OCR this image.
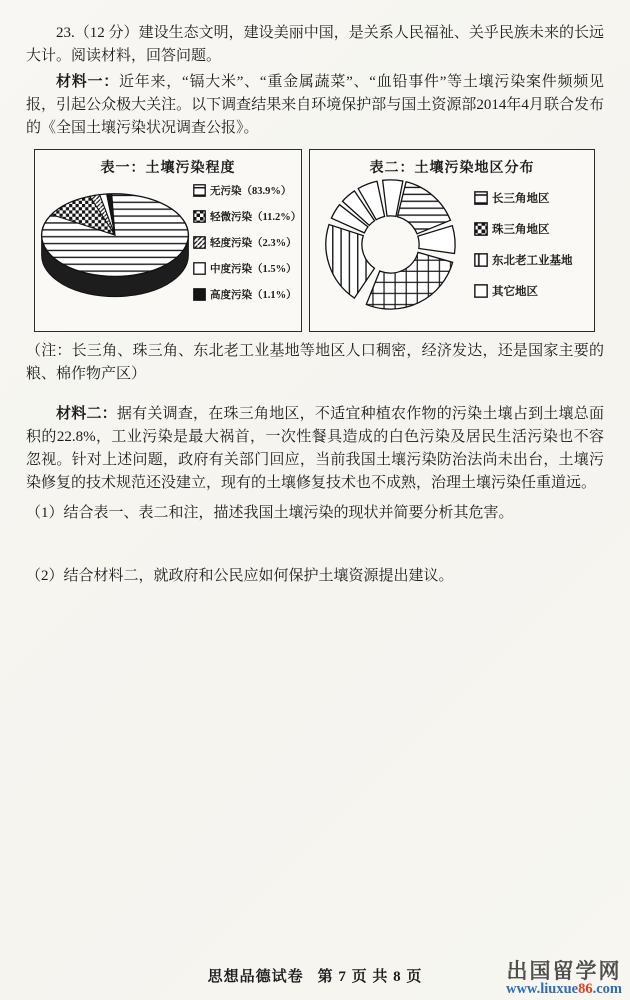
23.（12 分）建设生态文明，建设美丽中国，是关系人民福祉、关乎民族未来的长远大计。阅读材料，回答问题。

材料一：近年来，“镉大米”、“重金属蔬菜”、“血铅事件”等土壤污染案件频频见报，引起公众极大关注。以下调查结果来自环境保护部与国土资源部2014年4月联合发布的《全国土壤污染状况调查公报》。

表一：土壤污染程度
无污染（83.9%）
轻微污染（11.2%）
轻度污染（2.3%）
中度污染（1.5%）
高度污染（1.1%）
表二：土壤污染地区分布
长三角地区
珠三角地区
东北老工业基地
其它地区

（注：长三角、珠三角、东北老工业基地等地区人口稠密，经济发达，还是国家主要的粮、棉作物产区）

材料二：据有关调查，在珠三角地区，不适宜种植农作物的污染土壤占到土壤总面积的22.8%，工业污染是最大祸首，一次性餐具造成的白色污染及居民生活污染也不容忽视。针对上述问题，政府有关部门回应，当前我国土壤污染防治法尚未出台，土壤污染修复的技术规范还没建立，现有的土壤修复技术也不成熟，治理土壤污染任重道远。

（1）结合表一、表二和注，描述我国土壤污染的现状并简要分析其危害。

（2）结合材料二，就政府和公民应如何保护土壤资源提出建议。

思想品德试卷 第 7 页 共 8 页	出国留学网
www.liuxue86.com
